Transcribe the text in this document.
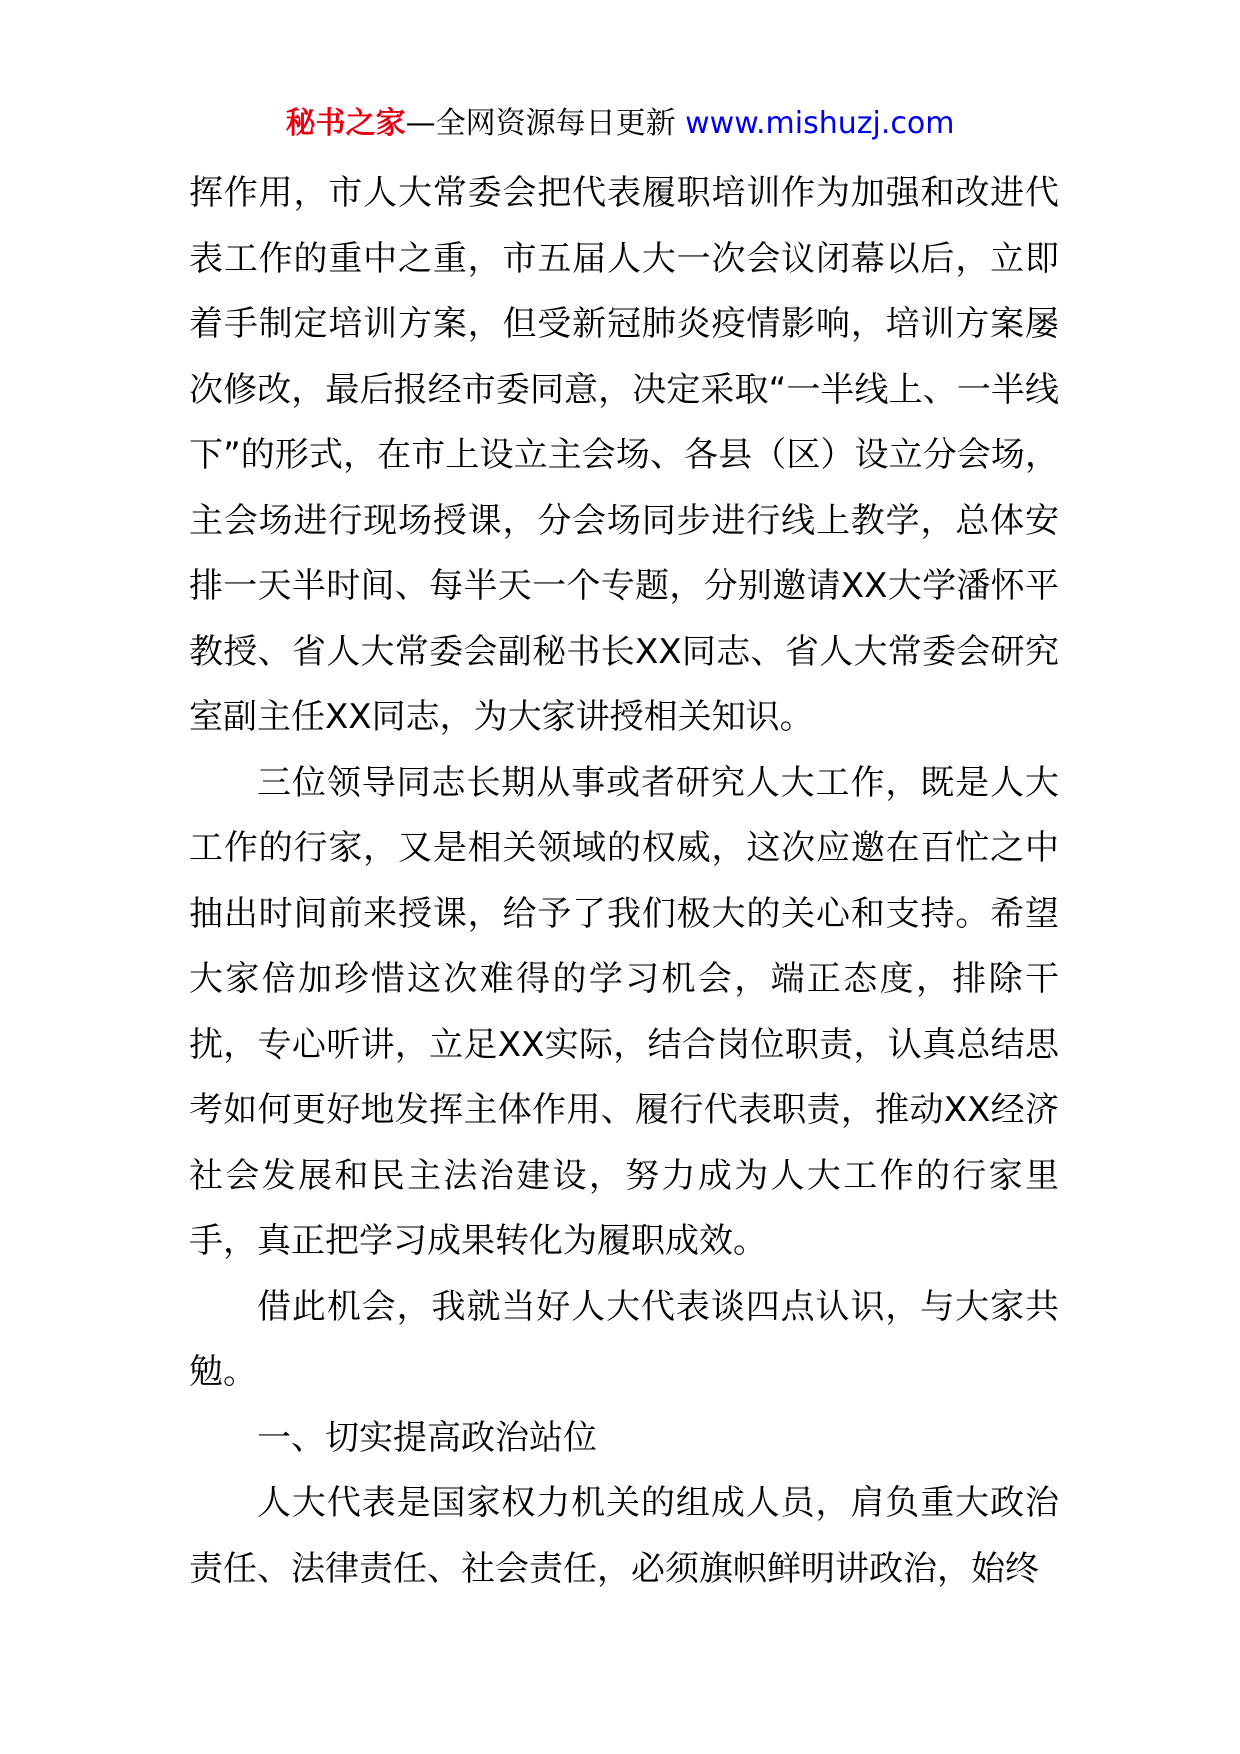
秘书之家—全网资源每日更新 www.mishuzj.com

挥作用，市人大常委会把代表履职培训作为加强和改进代表工作的重中之重，市五届人大一次会议闭幕以后，立即着手制定培训方案，但受新冠肺炎疫情影响，培训方案屡次修改，最后报经市委同意，决定采取“一半线上、一半线下”的形式，在市上设立主会场、各县（区）设立分会场，主会场进行现场授课，分会场同步进行线上教学，总体安排一天半时间、每半天一个专题，分别邀请XX大学潘怀平教授、省人大常委会副秘书长XX同志、省人大常委会研究室副主任XX同志，为大家讲授相关知识。

三位领导同志长期从事或者研究人大工作，既是人大工作的行家，又是相关领域的权威，这次应邀在百忙之中抽出时间前来授课，给予了我们极大的关心和支持。希望大家倍加珍惜这次难得的学习机会，端正态度，排除干扰，专心听讲，立足XX实际，结合岗位职责，认真总结思考如何更好地发挥主体作用、履行代表职责，推动XX经济社会发展和民主法治建设，努力成为人大工作的行家里手，真正把学习成果转化为履职成效。

借此机会，我就当好人大代表谈四点认识，与大家共勉。

一、切实提高政治站位

人大代表是国家权力机关的组成人员，肩负重大政治责任、法律责任、社会责任，必须旗帜鲜明讲政治，始终
